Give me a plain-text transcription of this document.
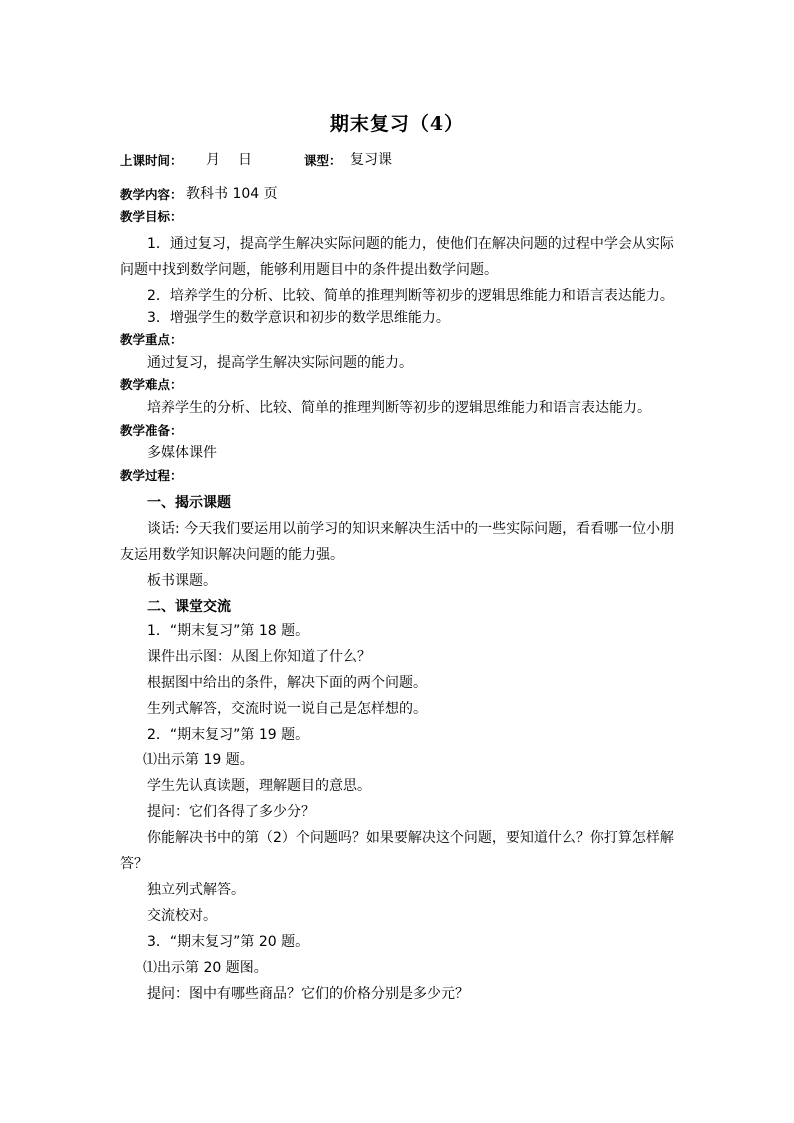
期末复习（4）
上课时间： 月 日	课型： 复习课
教学内容： 教科书 104 页
教学目标：
1．通过复习，提高学生解决实际问题的能力，使他们在解决问题的过程中学会从实际
问题中找到数学问题，能够利用题目中的条件提出数学问题。
2．培养学生的分析、比较、简单的推理判断等初步的逻辑思维能力和语言表达能力。
3．增强学生的数学意识和初步的数学思维能力。
教学重点：
通过复习，提高学生解决实际问题的能力。
教学难点：
培养学生的分析、比较、简单的推理判断等初步的逻辑思维能力和语言表达能力。
教学准备：
多媒体课件
教学过程：
一、揭示课题
谈话: 今天我们要运用以前学习的知识来解决生活中的一些实际问题，看看哪一位小朋
友运用数学知识解决问题的能力强。
板书课题。
二、课堂交流
1．“期末复习”第 18 题。
课件出示图：从图上你知道了什么？
根据图中给出的条件，解决下面的两个问题。
生列式解答，交流时说一说自己是怎样想的。
2．“期末复习”第 19 题。
⑴出示第 19 题。
学生先认真读题，理解题目的意思。
提问：它们各得了多少分？
你能解决书中的第（2）个问题吗？如果要解决这个问题，要知道什么？你打算怎样解
答？
独立列式解答。
交流校对。
3．“期末复习”第 20 题。
⑴出示第 20 题图。
提问：图中有哪些商品？它们的价格分别是多少元？
